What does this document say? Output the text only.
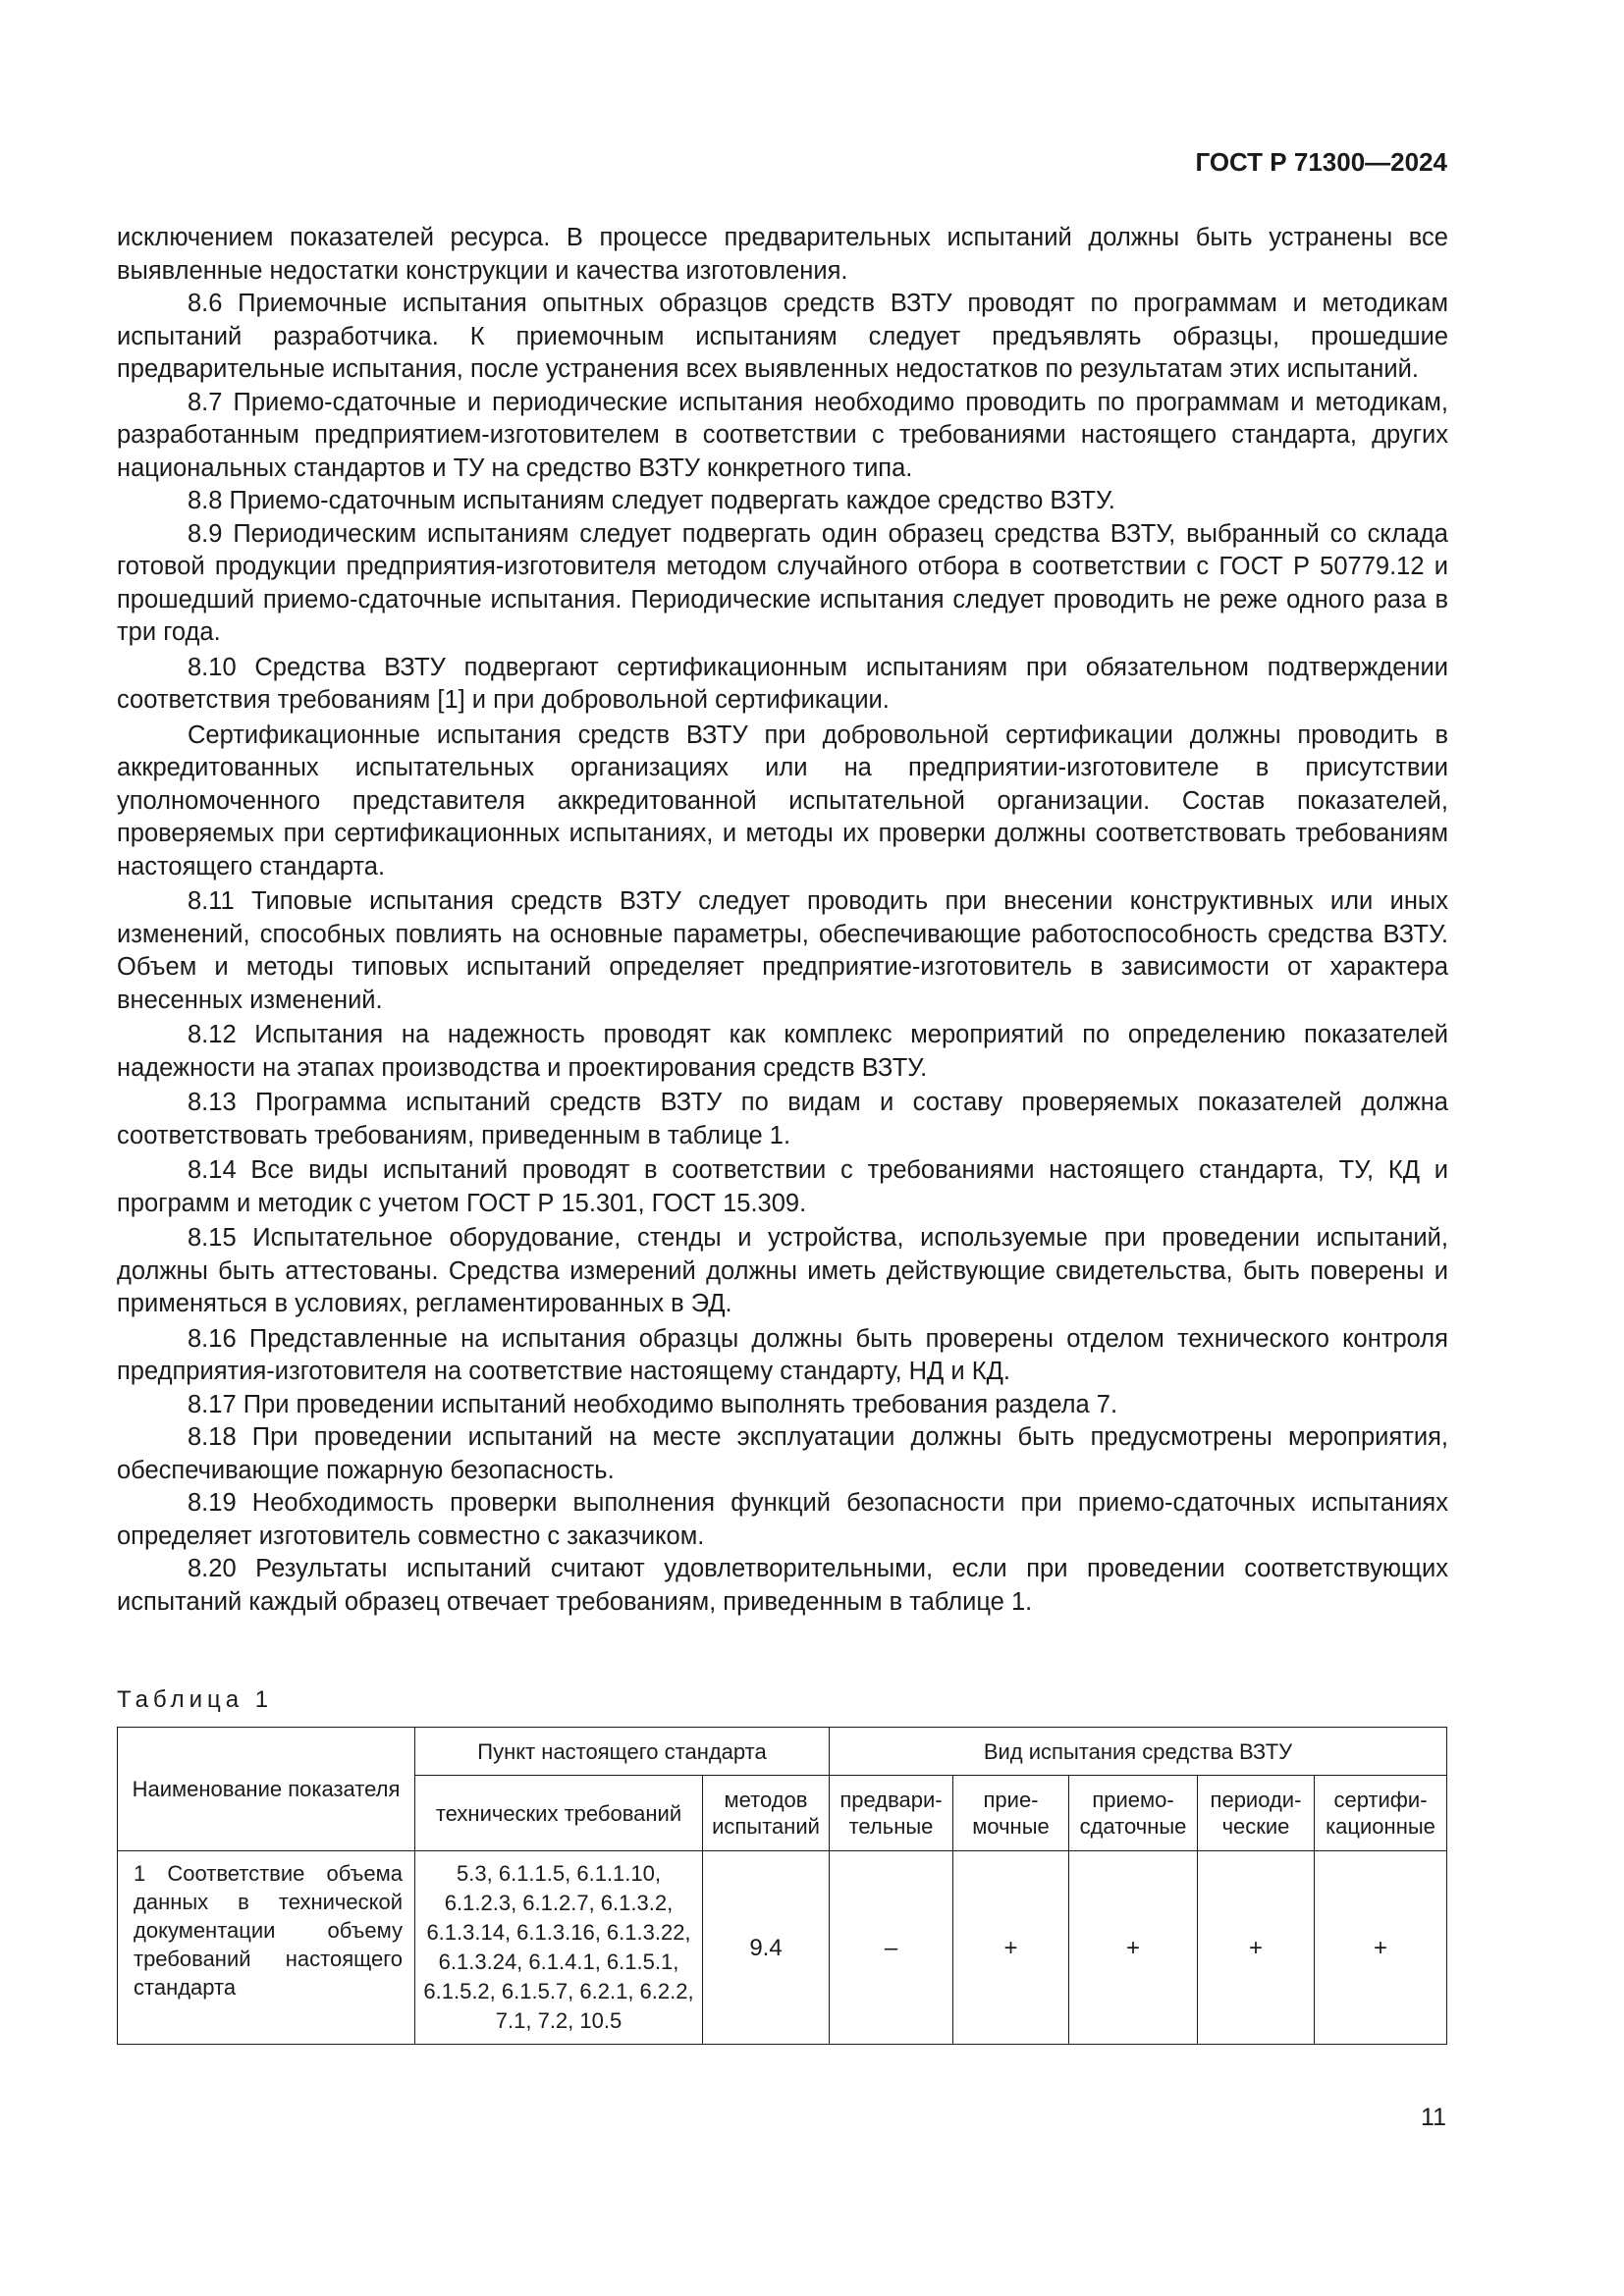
ГОСТ Р 71300—2024

исключением показателей ресурса. В процессе предварительных испытаний должны быть устранены все выявленные недостатки конструкции и качества изготовления.

8.6 Приемочные испытания опытных образцов средств ВЗТУ проводят по программам и методикам испытаний разработчика. К приемочным испытаниям следует предъявлять образцы, прошедшие предварительные испытания, после устранения всех выявленных недостатков по результатам этих испытаний.

8.7 Приемо-сдаточные и периодические испытания необходимо проводить по программам и методикам, разработанным предприятием-изготовителем в соответствии с требованиями настоящего стандарта, других национальных стандартов и ТУ на средство ВЗТУ конкретного типа.

8.8 Приемо-сдаточным испытаниям следует подвергать каждое средство ВЗТУ.

8.9 Периодическим испытаниям следует подвергать один образец средства ВЗТУ, выбранный со склада готовой продукции предприятия-изготовителя методом случайного отбора в соответствии с ГОСТ Р 50779.12 и прошедший приемо-сдаточные испытания. Периодические испытания следует проводить не реже одного раза в три года.

8.10 Средства ВЗТУ подвергают сертификационным испытаниям при обязательном подтверждении соответствия требованиям [1] и при добровольной сертификации.

Сертификационные испытания средств ВЗТУ при добровольной сертификации должны проводить в аккредитованных испытательных организациях или на предприятии-изготовителе в присутствии уполномоченного представителя аккредитованной испытательной организации. Состав показателей, проверяемых при сертификационных испытаниях, и методы их проверки должны соответствовать требованиям настоящего стандарта.

8.11 Типовые испытания средств ВЗТУ следует проводить при внесении конструктивных или иных изменений, способных повлиять на основные параметры, обеспечивающие работоспособность средства ВЗТУ. Объем и методы типовых испытаний определяет предприятие-изготовитель в зависимости от характера внесенных изменений.

8.12 Испытания на надежность проводят как комплекс мероприятий по определению показателей надежности на этапах производства и проектирования средств ВЗТУ.

8.13 Программа испытаний средств ВЗТУ по видам и составу проверяемых показателей должна соответствовать требованиям, приведенным в таблице 1.

8.14 Все виды испытаний проводят в соответствии с требованиями настоящего стандарта, ТУ, КД и программ и методик с учетом ГОСТ Р 15.301, ГОСТ 15.309.

8.15 Испытательное оборудование, стенды и устройства, используемые при проведении испытаний, должны быть аттестованы. Средства измерений должны иметь действующие свидетельства, быть поверены и применяться в условиях, регламентированных в ЭД.

8.16 Представленные на испытания образцы должны быть проверены отделом технического контроля предприятия-изготовителя на соответствие настоящему стандарту, НД и КД.

8.17 При проведении испытаний необходимо выполнять требования раздела 7.

8.18 При проведении испытаний на месте эксплуатации должны быть предусмотрены мероприятия, обеспечивающие пожарную безопасность.

8.19 Необходимость проверки выполнения функций безопасности при приемо-сдаточных испытаниях определяет изготовитель совместно с заказчиком.

8.20 Результаты испытаний считают удовлетворительными, если при проведении соответствующих испытаний каждый образец отвечает требованиям, приведенным в таблице 1.

Таблица 1
Наименование показателя	Пункт настоящего стандарта		Вид испытания средства ВЗТУ				
	технических требований	методов испытаний	предвари-тельные	прие-мочные	приемо-сдаточные	периоди-ческие	сертифи-кационные
1 Соответствие объема данных в технической документации объему требований настоящего стандарта	5.3, 6.1.1.5, 6.1.1.10, 6.1.2.3, 6.1.2.7, 6.1.3.2, 6.1.3.14, 6.1.3.16, 6.1.3.22, 6.1.3.24, 6.1.4.1, 6.1.5.1, 6.1.5.2, 6.1.5.7, 6.2.1, 6.2.2, 7.1, 7.2, 10.5	9.4	–	+	+	+	+
11
